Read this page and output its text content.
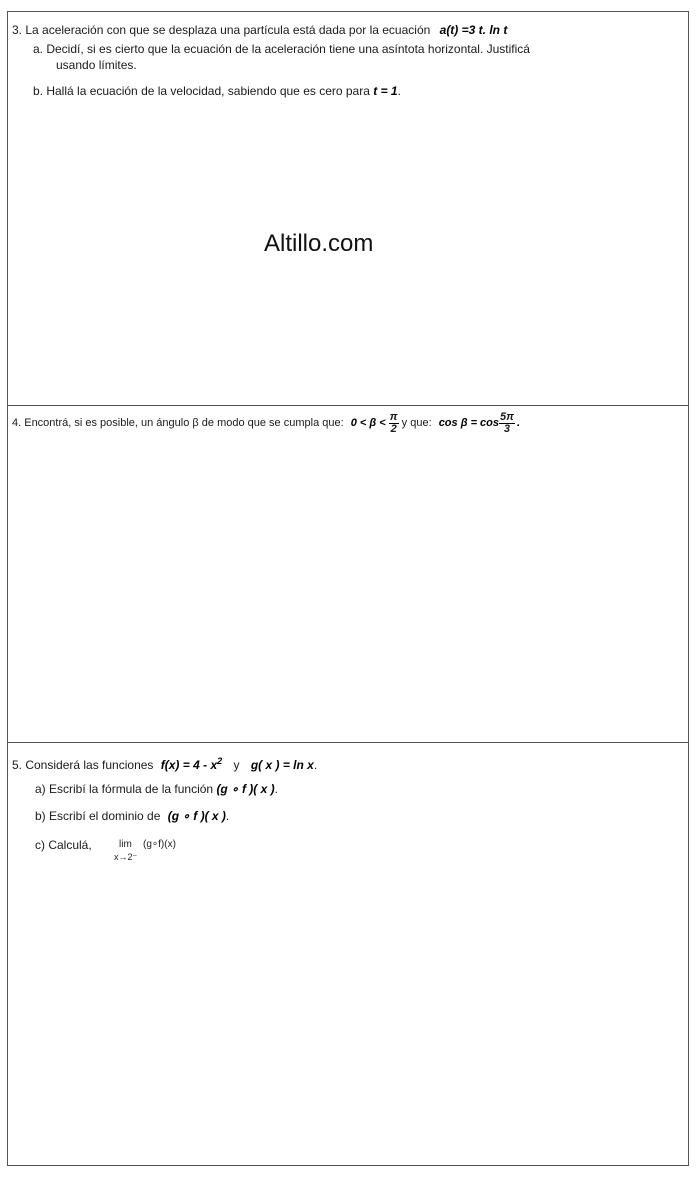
3. La aceleración con que se desplaza una partícula está dada por la ecuación a(t) =3 t. ln t
a. Decidí, si es cierto que la ecuación de la aceleración tiene una asíntota horizontal. Justificá
usando límites.
b. Hallá la ecuación de la velocidad, sabiendo que es cero para t = 1.
Altillo.com
4. Encontrá, si es posible, un ángulo β de modo que se cumpla que: $0 < \beta < \frac{\pi}{2}$ y que: $\cos \beta = \cos \frac{5\pi}{3}$ .
5. Considerá las funciones $f(x) = 4 - x^2$ y g( x ) = ln x.
a) Escribí la fórmula de la función (g ∘ f )( x ).
b) Escribí el dominio de (g ∘ f )( x ).
c) Calculá,	lim (g∘f)(x)
x→2⁻
